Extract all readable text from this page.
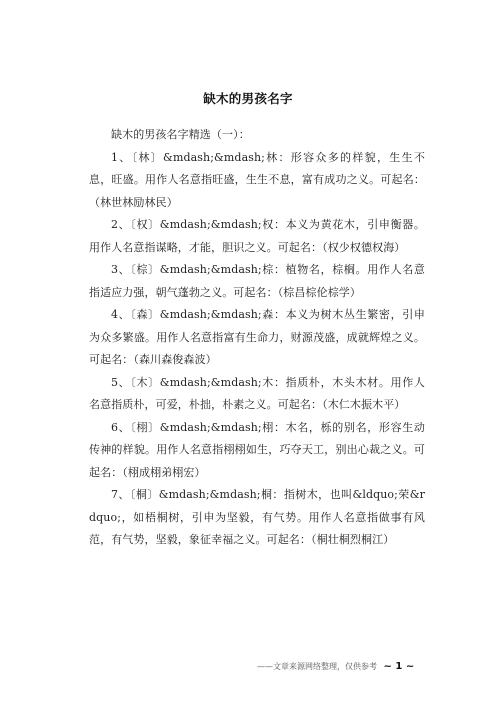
缺木的男孩名字

缺木的男孩名字精选（一）：

1、〔林〕&mdash;&mdash;林：形容众多的样貌，生生不息，旺盛。用作人名意指旺盛，生生不息，富有成功之义。可起名：（林世林励林民）

2、〔权〕&mdash;&mdash;权：本义为黄花木，引申衡器。用作人名意指谋略，才能，胆识之义。可起名：（权少权德权海）

3、〔棕〕&mdash;&mdash;棕：植物名，棕榈。用作人名意指适应力强，朝气蓬勃之义。可起名：（棕昌棕伦棕学）

4、〔森〕&mdash;&mdash;森：本义为树木丛生繁密，引申为众多繁盛。用作人名意指富有生命力，财源茂盛，成就辉煌之义。可起名：（森川森俊森波）

5、〔木〕&mdash;&mdash;木：指质朴，木头木材。用作人名意指质朴，可爱，朴拙，朴素之义。可起名：（木仁木振木平）

6、〔栩〕&mdash;&mdash;栩：木名，栎的别名，形容生动传神的样貌。用作人名意指栩栩如生，巧夺天工，别出心裁之义。可起名：（栩成栩弟栩宏）

7、〔桐〕&mdash;&mdash;桐：指树木，也叫&ldquo;荣&rdquo;，如梧桐树，引申为坚毅，有气势。用作人名意指做事有风范，有气势，坚毅，象征幸福之义。可起名：（桐壮桐烈桐江）

——文章来源网络整理，仅供参考 ~ 1 ~
